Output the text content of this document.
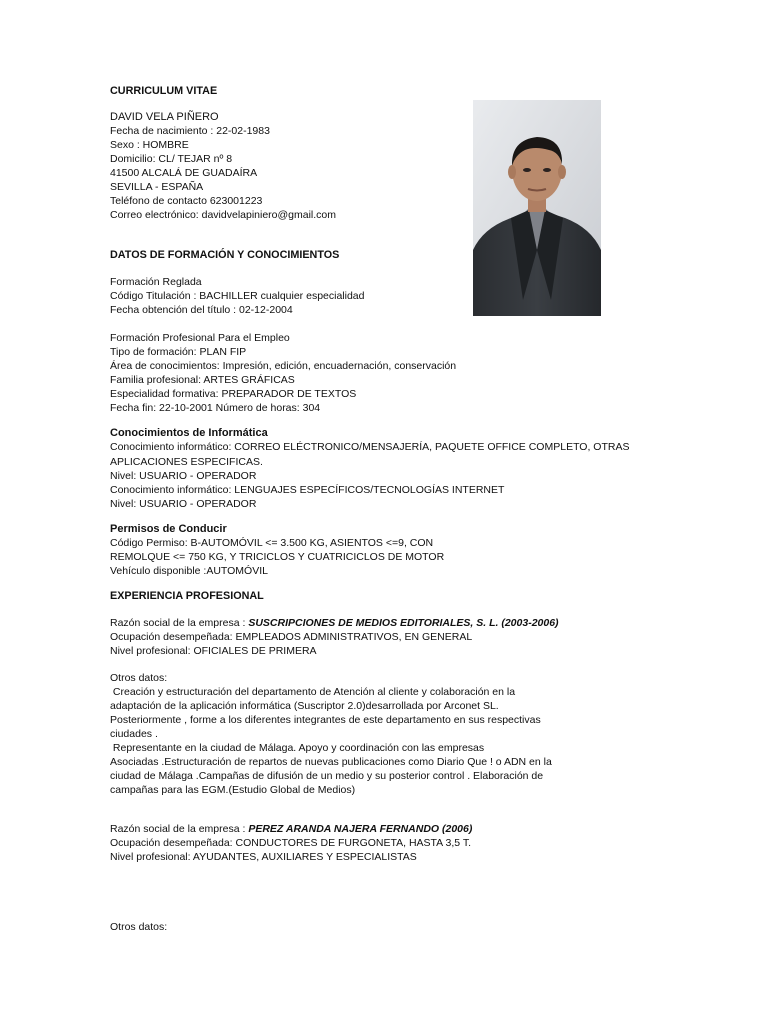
CURRICULUM VITAE
DAVID VELA PIÑERO
Fecha de nacimiento : 22-02-1983
Sexo : HOMBRE
Domicilio: CL/ TEJAR nº 8
41500 ALCALÁ DE GUADAÍRA
SEVILLA - ESPAÑA
Teléfono de contacto 623001223
Correo electrónico: davidvelapiniero@gmail.com
DATOS DE FORMACIÓN Y CONOCIMIENTOS
Formación Reglada
Código Titulación : BACHILLER cualquier especialidad
Fecha obtención del título : 02-12-2004
Formación Profesional Para el Empleo
Tipo de formación: PLAN FIP
Área de conocimientos: Impresión, edición, encuadernación, conservación
Familia profesional: ARTES GRÁFICAS
Especialidad formativa: PREPARADOR DE TEXTOS
Fecha fin: 22-10-2001 Número de horas: 304
Conocimientos de Informática
Conocimiento informático: CORREO ELÉCTRONICO/MENSAJERÍA, PAQUETE OFFICE COMPLETO, OTRAS
APLICACIONES ESPECIFICAS.
Nivel: USUARIO - OPERADOR
Conocimiento informático: LENGUAJES ESPECÍFICOS/TECNOLOGÍAS INTERNET
Nivel: USUARIO - OPERADOR
Permisos de Conducir
Código Permiso: B-AUTOMÓVIL <= 3.500 KG, ASIENTOS <=9, CON
REMOLQUE <= 750 KG, Y TRICICLOS Y CUATRICICLOS DE MOTOR
Vehículo disponible :AUTOMÓVIL
EXPERIENCIA PROFESIONAL
Razón social de la empresa : SUSCRIPCIONES DE MEDIOS EDITORIALES, S. L. (2003-2006)
Ocupación desempeñada: EMPLEADOS ADMINISTRATIVOS, EN GENERAL
Nivel profesional: OFICIALES DE PRIMERA
Otros datos:
Creación y estructuración del departamento de Atención al cliente y colaboración en la
adaptación de la aplicación informática (Suscriptor 2.0)desarrollada por Arconet SL.
Posteriormente , forme a los diferentes integrantes de este departamento en sus respectivas
ciudades .
Representante en la ciudad de Málaga. Apoyo y coordinación con las empresas
Asociadas .Estructuración de repartos de nuevas publicaciones como Diario Que ! o ADN en la
ciudad de Málaga .Campañas de difusión de un medio y su posterior control . Elaboración de
campañas para las EGM.(Estudio Global de Medios)
Razón social de la empresa : PEREZ ARANDA NAJERA FERNANDO (2006)
Ocupación desempeñada: CONDUCTORES DE FURGONETA, HASTA 3,5 T.
Nivel profesional: AYUDANTES, AUXILIARES Y ESPECIALISTAS
Otros datos:
